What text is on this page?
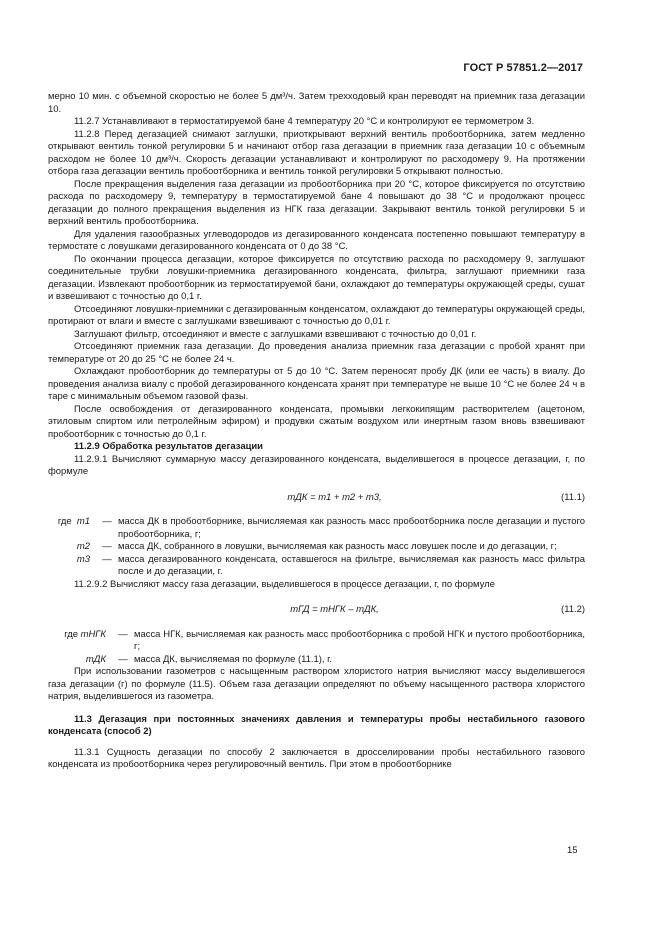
ГОСТ Р 57851.2—2017

мерно 10 мин. с объемной скоростью не более 5 дм³/ч. Затем трехходовый кран переводят на приемник газа дегазации 10.

11.2.7 Устанавливают в термостатируемой бане 4 температуру 20 °C и контролируют ее термометром 3.

11.2.8 Перед дегазацией снимают заглушки, приоткрывают верхний вентиль пробоотборника, затем медленно открывают вентиль тонкой регулировки 5 и начинают отбор газа дегазации в приемник газа дегазации 10 с объемным расходом не более 10 дм³/ч. Скорость дегазации устанавливают и контролируют по расходомеру 9. На протяжении отбора газа дегазации вентиль пробоотборника и вентиль тонкой регулировки 5 открывают полностью.

После прекращения выделения газа дегазации из пробоотборника при 20 °C, которое фиксируется по отсутствию расхода по расходомеру 9, температуру в термостатируемой бане 4 повышают до 38 °C и продолжают процесс дегазации до полного прекращения выделения из НГК газа дегазации. Закрывают вентиль тонкой регулировки 5 и верхний вентиль пробоотборника.

Для удаления газообразных углеводородов из дегазированного конденсата постепенно повышают температуру в термостате с ловушками дегазированного конденсата от 0 до 38 °C.

По окончании процесса дегазации, которое фиксируется по отсутствию расхода по расходомеру 9, заглушают соединительные трубки ловушки-приемника дегазированного конденсата, фильтра, заглушают приемники газа дегазации. Извлекают пробоотборник из термостатируемой бани, охлаждают до температуры окружающей среды, сушат и взвешивают с точностью до 0,1 г.

Отсоединяют ловушки-приемники с дегазированным конденсатом, охлаждают до температуры окружающей среды, протирают от влаги и вместе с заглушками взвешивают с точностью до 0,01 г.

Заглушают фильтр, отсоединяют и вместе с заглушками взвешивают с точностью до 0,01 г.

Отсоединяют приемник газа дегазации. До проведения анализа приемник газа дегазации с пробой хранят при температуре от 20 до 25 °C не более 24 ч.

Охлаждают пробоотборник до температуры от 5 до 10 °C. Затем переносят пробу ДК (или ее часть) в виалу. До проведения анализа виалу с пробой дегазированного конденсата хранят при температуре не выше 10 °C не более 24 ч в таре с минимальным объемом газовой фазы.

После освобождения от дегазированного конденсата, промывки легкокипящим растворителем (ацетоном, этиловым спиртом или петролейным эфиром) и продувки сжатым воздухом или инертным газом вновь взвешивают пробоотборник с точностью до 0,1 г.

11.2.9 Обработка результатов дегазации

11.2.9.1 Вычисляют суммарную массу дегазированного конденсата, выделившегося в процессе дегазации, г, по формуле

mДК = m1 + m2 + m3,	(11.1)
где m1	— масса ДК в пробоотборнике, вычисляемая как разность масс пробоотборника после дегазации и пустого пробоотборника, г;
m2	— масса ДК, собранного в ловушки, вычисляемая как разность масс ловушек после и до дегазации, г;
m3	— масса дегазированного конденсата, оставшегося на фильтре, вычисляемая как разность масс фильтра после и до дегазации, г.

11.2.9.2 Вычисляют массу газа дегазации, выделившегося в процессе дегазации, г, по формуле

mГД = mНГК – mДК,	(11.2)
где mНГК	— масса НГК, вычисляемая как разность масс пробоотборника с пробой НГК и пустого пробоотборника, г;
mДК	— масса ДК, вычисляемая по формуле (11.1), г.

При использовании газометров с насыщенным раствором хлористого натрия вычисляют массу выделившегося газа дегазации (г) по формуле (11.5). Объем газа дегазации определяют по объему насыщенного раствора хлористого натрия, выделившегося из газометра.

11.3 Дегазация при постоянных значениях давления и температуры пробы нестабильного газового конденсата (способ 2)

11.3.1 Сущность дегазации по способу 2 заключается в дросселировании пробы нестабильного газового конденсата из пробоотборника через регулировочный вентиль. При этом в пробоотборнике

15
